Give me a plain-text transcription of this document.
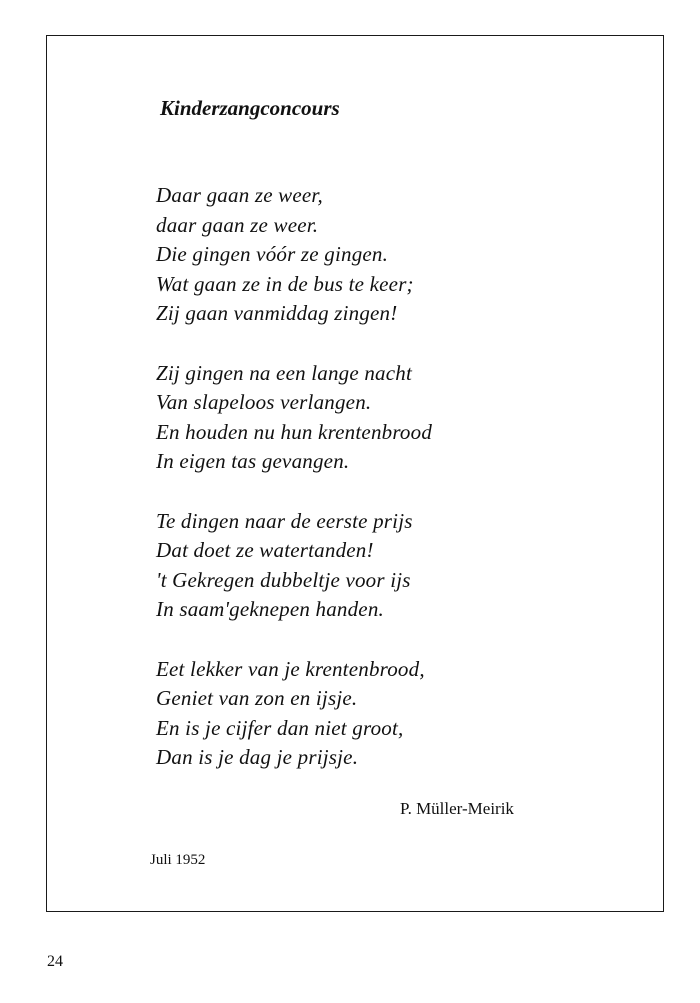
Kinderzangconcours
Daar gaan ze weer,
daar gaan ze weer.
Die gingen vóór ze gingen.
Wat gaan ze in de bus te keer;
Zij gaan vanmiddag zingen!
Zij gingen na een lange nacht
Van slapeloos verlangen.
En houden nu hun krentenbrood
In eigen tas gevangen.
Te dingen naar de eerste prijs
Dat doet ze watertanden!
't Gekregen dubbeltje voor ijs
In saam'geknepen handen.
Eet lekker van je krentenbrood,
Geniet van zon en ijsje.
En is je cijfer dan niet groot,
Dan is je dag je prijsje.
P. Müller-Meirik
Juli 1952
24
